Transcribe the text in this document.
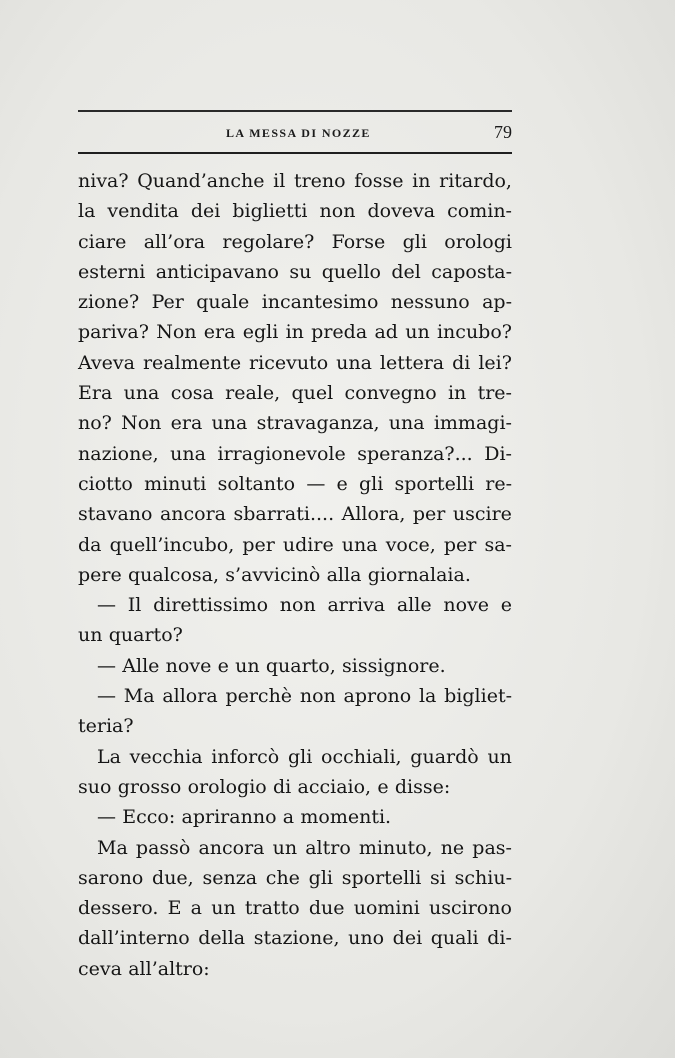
LA MESSA DI NOZZE	79
niva? Quand’anche il treno fosse in ritardo,
la vendita dei biglietti non doveva comin-
ciare all’ora regolare? Forse gli orologi
esterni anticipavano su quello del caposta-
zione? Per quale incantesimo nessuno ap-
pariva? Non era egli in preda ad un incubo?
Aveva realmente ricevuto una lettera di lei?
Era una cosa reale, quel convegno in tre-
no? Non era una stravaganza, una immagi-
nazione, una irragionevole speranza?... Di-
ciotto minuti soltanto — e gli sportelli re-
stavano ancora sbarrati.... Allora, per uscire
da quell’incubo, per udire una voce, per sa-
pere qualcosa, s’avvicinò alla giornalaia.
— Il direttissimo non arriva alle nove e
un quarto?
— Alle nove e un quarto, sissignore.
— Ma allora perchè non aprono la bigliet-
teria?
La vecchia inforcò gli occhiali, guardò un
suo grosso orologio di acciaio, e disse:
— Ecco: apriranno a momenti.
Ma passò ancora un altro minuto, ne pas-
sarono due, senza che gli sportelli si schiu-
dessero. E a un tratto due uomini uscirono
dall’interno della stazione, uno dei quali di-
ceva all’altro:
